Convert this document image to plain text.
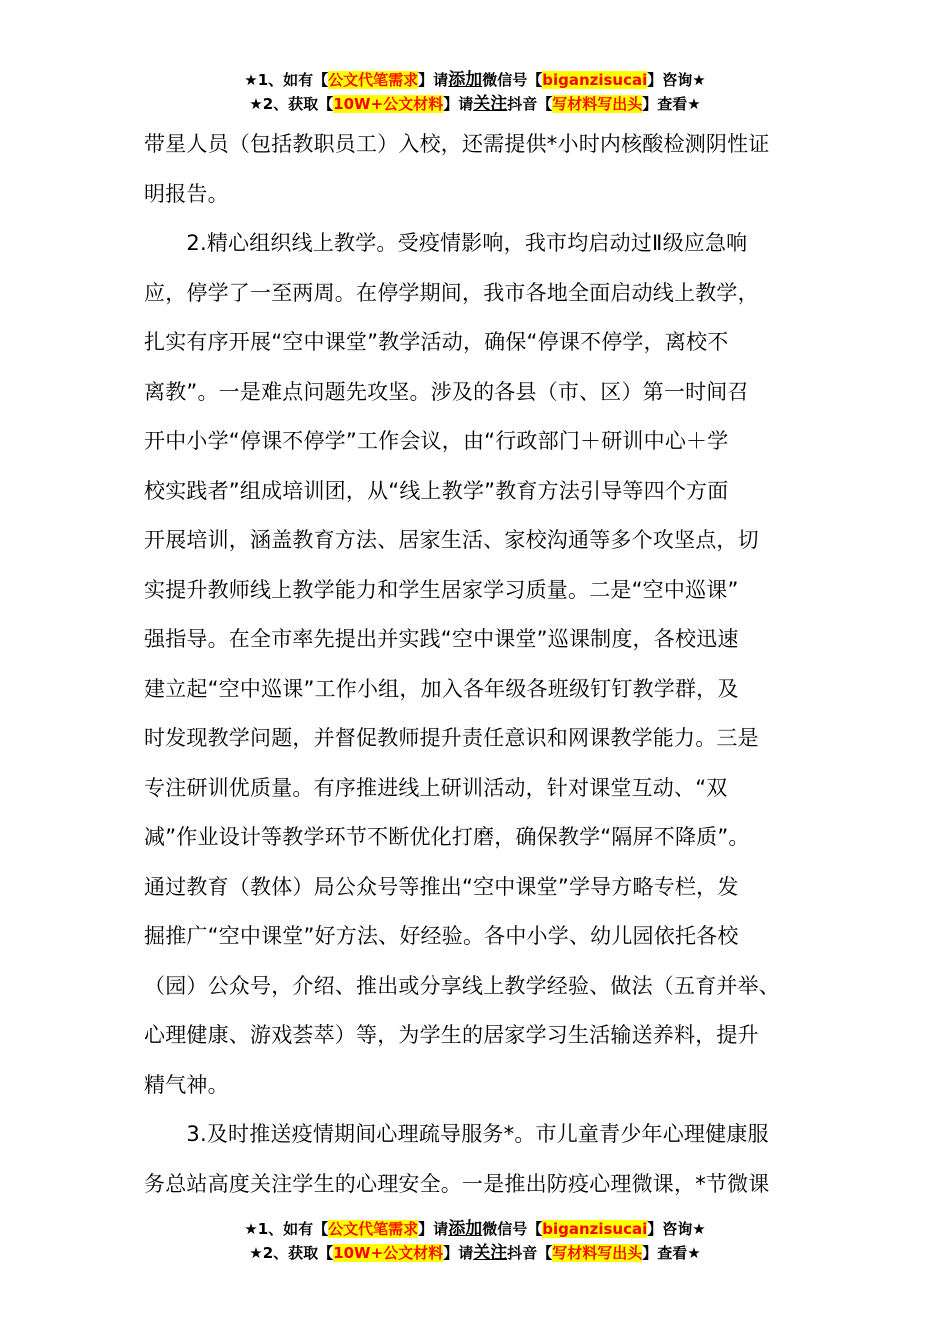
★1、如有【公文代笔需求】请添加微信号【biganzisucai】咨询★
★2、获取【10W+公文材料】请关注抖音【写材料写出头】查看★
带星人员（包括教职员工）入校，还需提供*小时内核酸检测阴性证
明报告。
　　2.精心组织线上教学。受疫情影响，我市均启动过Ⅱ级应急响
应，停学了一至两周。在停学期间，我市各地全面启动线上教学，
扎实有序开展“空中课堂”教学活动，确保“停课不停学，离校不
离教”。一是难点问题先攻坚。涉及的各县（市、区）第一时间召
开中小学“停课不停学”工作会议，由“行政部门＋研训中心＋学
校实践者”组成培训团，从“线上教学”教育方法引导等四个方面
开展培训，涵盖教育方法、居家生活、家校沟通等多个攻坚点，切
实提升教师线上教学能力和学生居家学习质量。二是“空中巡课”
强指导。在全市率先提出并实践“空中课堂”巡课制度，各校迅速
建立起“空中巡课”工作小组，加入各年级各班级钉钉教学群，及
时发现教学问题，并督促教师提升责任意识和网课教学能力。三是
专注研训优质量。有序推进线上研训活动，针对课堂互动、“双
减”作业设计等教学环节不断优化打磨，确保教学“隔屏不降质”。
通过教育（教体）局公众号等推出“空中课堂”学导方略专栏，发
掘推广“空中课堂”好方法、好经验。各中小学、幼儿园依托各校
（园）公众号，介绍、推出或分享线上教学经验、做法（五育并举、
心理健康、游戏荟萃）等，为学生的居家学习生活输送养料，提升
精气神。
　　3.及时推送疫情期间心理疏导服务*。市儿童青少年心理健康服
务总站高度关注学生的心理安全。一是推出防疫心理微课，*节微课
★1、如有【公文代笔需求】请添加微信号【biganzisucai】咨询★
★2、获取【10W+公文材料】请关注抖音【写材料写出头】查看★
